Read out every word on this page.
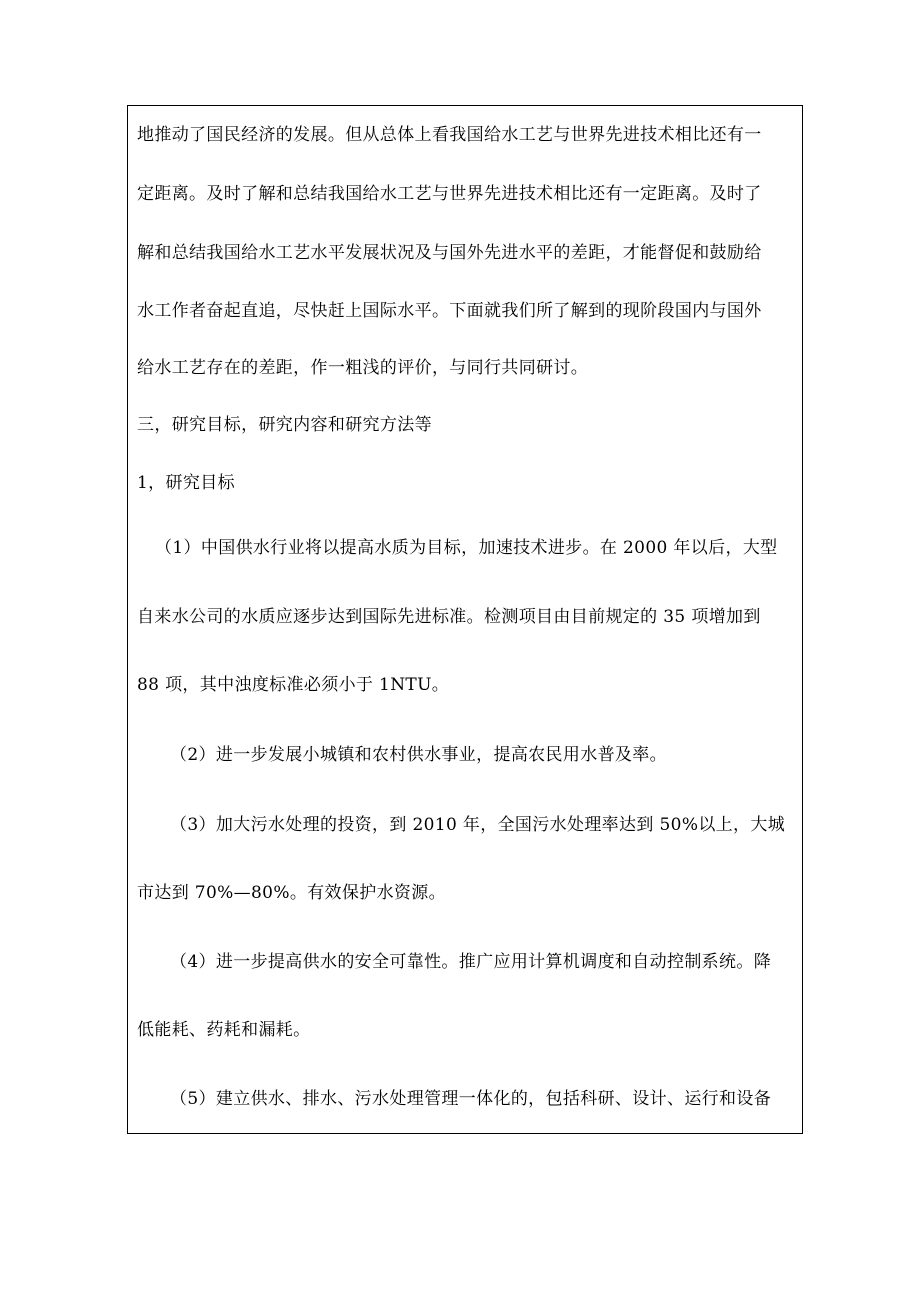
地推动了国民经济的发展。但从总体上看我国给水工艺与世界先进技术相比还有一
定距离。及时了解和总结我国给水工艺与世界先进技术相比还有一定距离。及时了
解和总结我国给水工艺水平发展状况及与国外先进水平的差距，才能督促和鼓励给
水工作者奋起直追，尽快赶上国际水平。下面就我们所了解到的现阶段国内与国外
给水工艺存在的差距，作一粗浅的评价，与同行共同研讨。
三，研究目标，研究内容和研究方法等
1，研究目标
（1）中国供水行业将以提高水质为目标，加速技术进步。在 2000 年以后，大型
自来水公司的水质应逐步达到国际先进标准。检测项目由目前规定的 35 项增加到
88 项，其中浊度标准必须小于 1NTU。
（2）进一步发展小城镇和农村供水事业，提高农民用水普及率。
（3）加大污水处理的投资，到 2010 年，全国污水处理率达到 50%以上，大城
市达到 70%—80%。有效保护水资源。
（4）进一步提高供水的安全可靠性。推广应用计算机调度和自动控制系统。降
低能耗、药耗和漏耗。
（5）建立供水、排水、污水处理管理一体化的，包括科研、设计、运行和设备
